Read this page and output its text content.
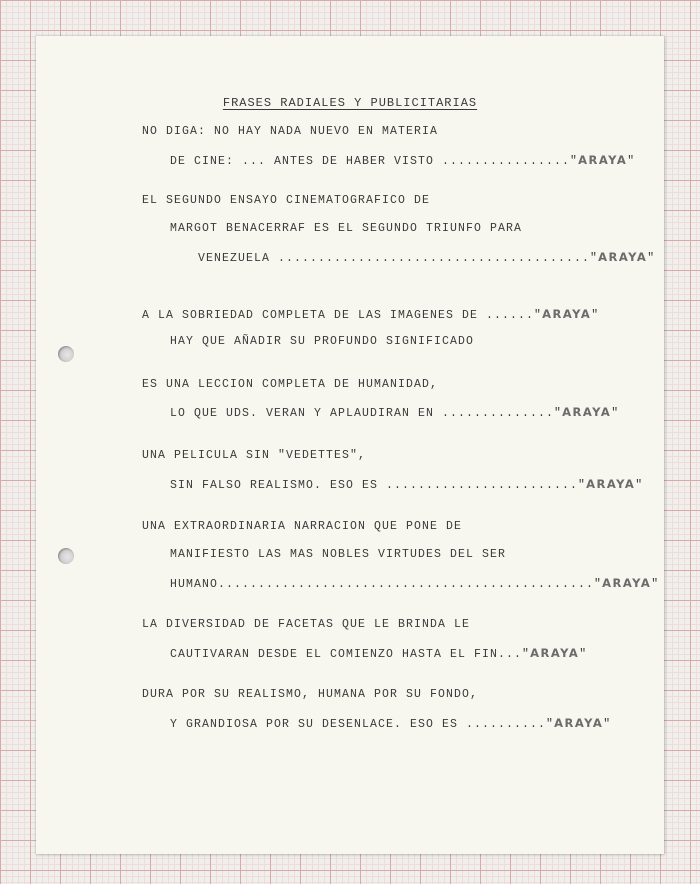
FRASES RADIALES Y PUBLICITARIAS
NO DIGA: NO HAY NADA NUEVO EN MATERIA
DE CINE: ... ANTES DE HABER VISTO ................"ARAYA"
EL SEGUNDO ENSAYO CINEMATOGRAFICO DE
MARGOT BENACERRAF ES EL SEGUNDO TRIUNFO PARA
VENEZUELA ......................................."ARAYA"
A LA SOBRIEDAD COMPLETA DE LAS IMAGENES DE ......"ARAYA"
HAY QUE AÑADIR SU PROFUNDO SIGNIFICADO
ES UNA LECCION COMPLETA DE HUMANIDAD,
LO QUE UDS. VERAN Y APLAUDIRAN EN .............."ARAYA"
UNA PELICULA SIN "VEDETTES",
SIN FALSO REALISMO. ESO ES ........................"ARAYA"
UNA EXTRAORDINARIA NARRACION QUE PONE DE
MANIFIESTO LAS MAS NOBLES VIRTUDES DEL SER
HUMANO..............................................."ARAYA"
LA DIVERSIDAD DE FACETAS QUE LE BRINDA LE
CAUTIVARAN DESDE EL COMIENZO HASTA EL FIN..."ARAYA"
DURA POR SU REALISMO, HUMANA POR SU FONDO,
Y GRANDIOSA POR SU DESENLACE. ESO ES .........."ARAYA"
